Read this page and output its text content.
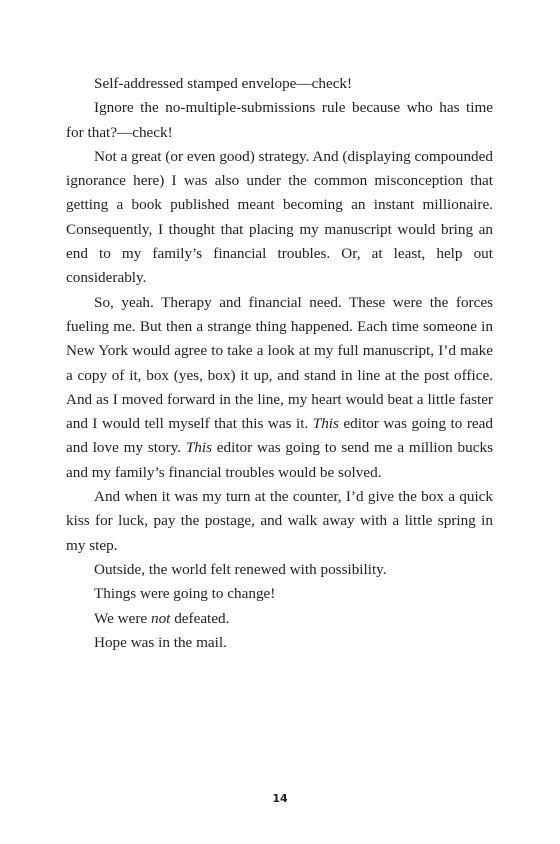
Self-addressed stamped envelope—check!

Ignore the no-multiple-submissions rule because who has time for that?—check!

Not a great (or even good) strategy. And (displaying compounded ignorance here) I was also under the common misconception that getting a book published meant becoming an instant millionaire. Consequently, I thought that placing my manuscript would bring an end to my family’s financial troubles. Or, at least, help out considerably.

So, yeah. Therapy and financial need. These were the forces fueling me. But then a strange thing happened. Each time someone in New York would agree to take a look at my full manuscript, I’d make a copy of it, box (yes, box) it up, and stand in line at the post office. And as I moved forward in the line, my heart would beat a little faster and I would tell myself that this was it. This editor was going to read and love my story. This editor was going to send me a million bucks and my family’s financial troubles would be solved.

And when it was my turn at the counter, I’d give the box a quick kiss for luck, pay the postage, and walk away with a little spring in my step.

Outside, the world felt renewed with possibility.

Things were going to change!

We were not defeated.

Hope was in the mail.

14
